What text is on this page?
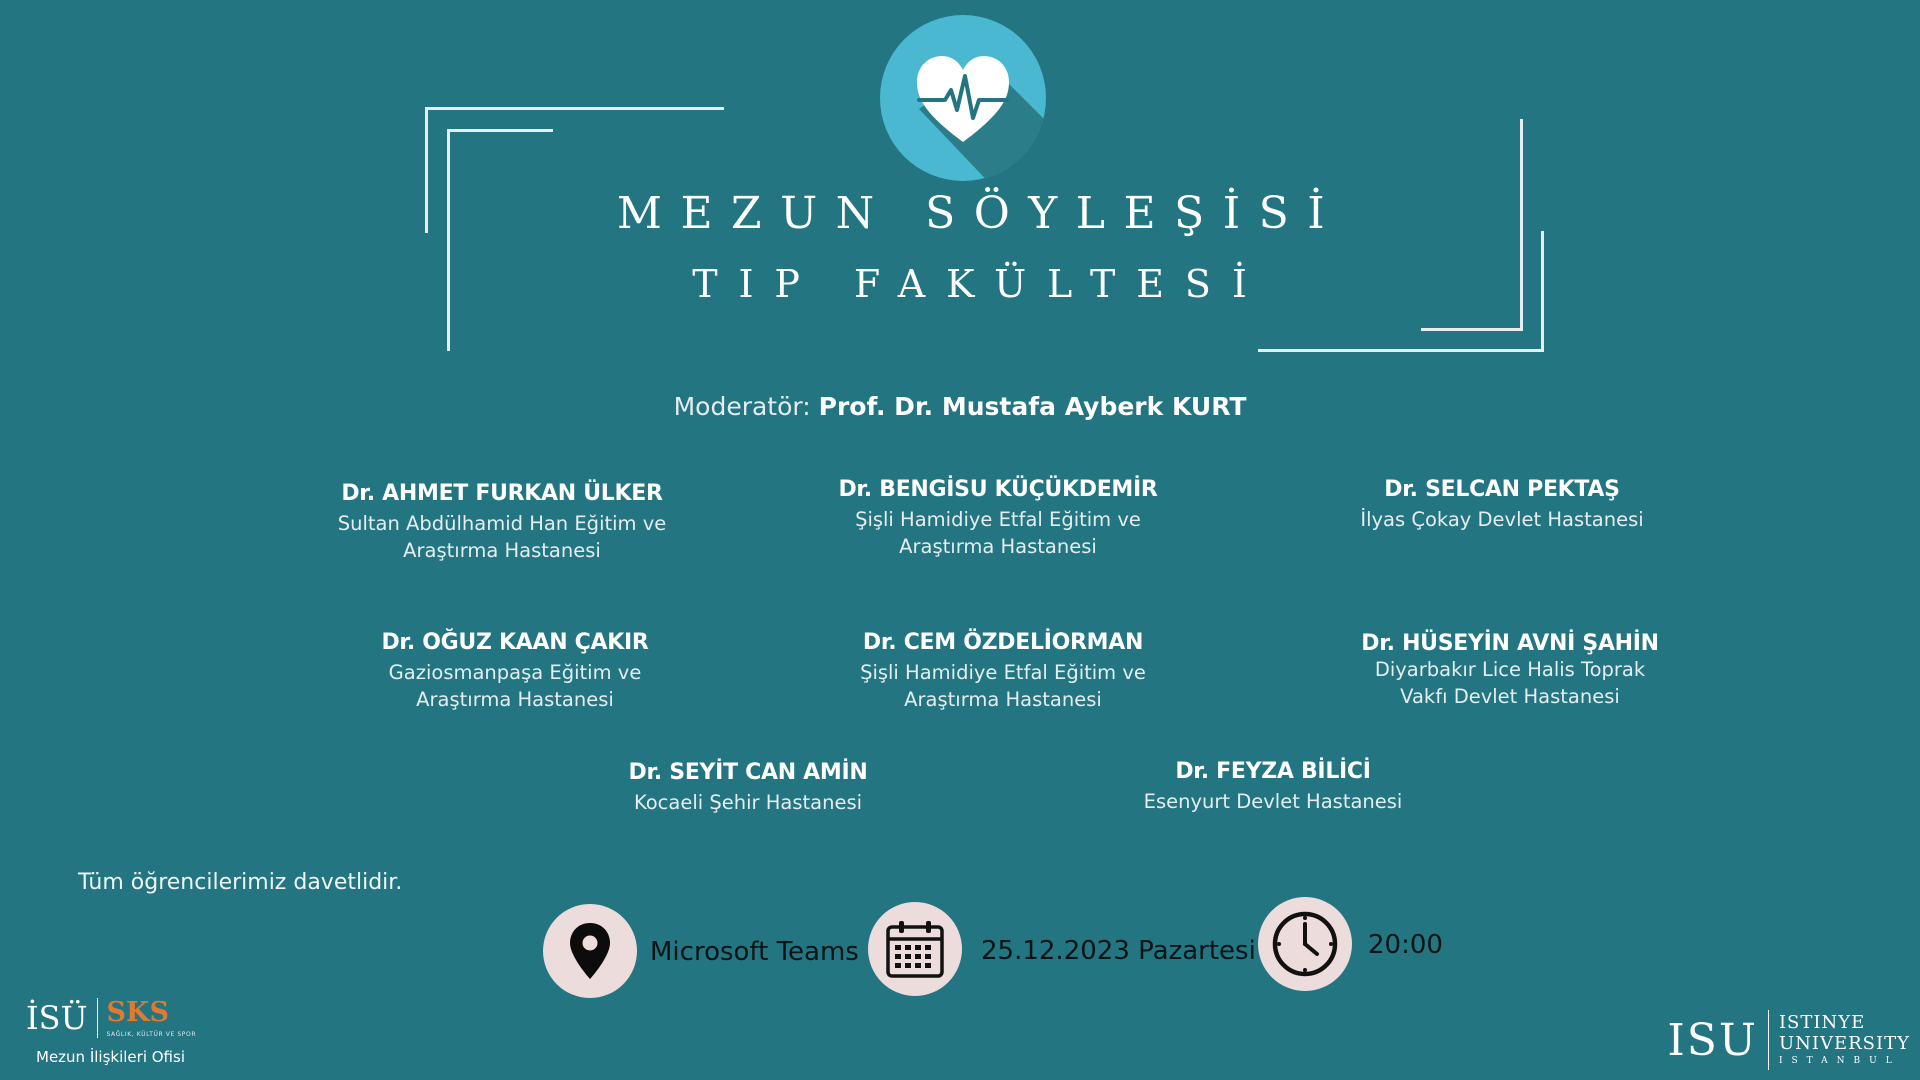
MEZUN SÖYLEŞİSİ
TIP FAKÜLTESİ
Moderatör: Prof. Dr. Mustafa Ayberk KURT
Dr. AHMET FURKAN ÜLKER
Sultan Abdülhamid Han Eğitim ve
Araştırma Hastanesi
Dr. BENGİSU KÜÇÜKDEMİR
Şişli Hamidiye Etfal Eğitim ve
Araştırma Hastanesi
Dr. SELCAN PEKTAŞ
İlyas Çokay Devlet Hastanesi
Dr. OĞUZ KAAN ÇAKIR
Gaziosmanpaşa Eğitim ve
Araştırma Hastanesi
Dr. CEM ÖZDELİORMAN
Şişli Hamidiye Etfal Eğitim ve
Araştırma Hastanesi
Dr. HÜSEYİN AVNİ ŞAHİN
Diyarbakır Lice Halis Toprak
Vakfı Devlet Hastanesi
Dr. SEYİT CAN AMİN
Kocaeli Şehir Hastanesi
Dr. FEYZA BİLİCİ
Esenyurt Devlet Hastanesi
Tüm öğrencilerimiz davetlidir.
Microsoft Teams	25.12.2023 Pazartesi	20:00
İSÜ SKS
SAĞLIK, KÜLTÜR VE SPOR
Mezun İlişkileri Ofisi	ISU ISTINYE
UNIVERSITY
ISTANBUL
